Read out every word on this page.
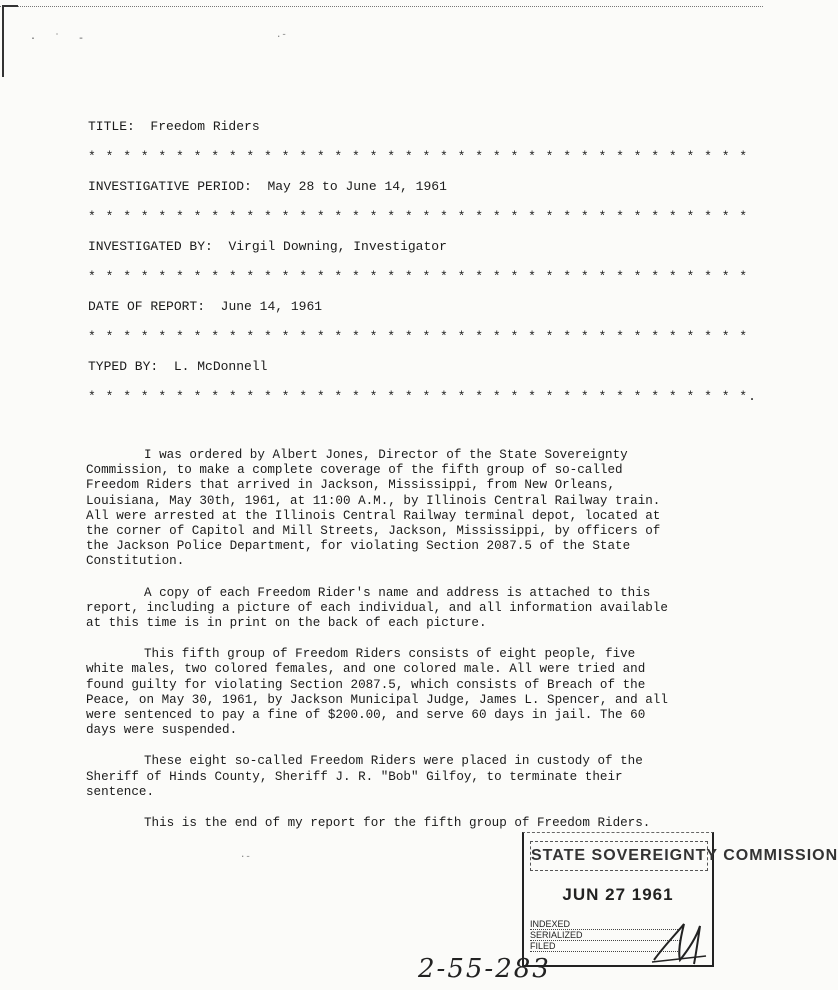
· ˙ -	.-
·-
TITLE: Freedom Riders
* * * * * * * * * * * * * * * * * * * * * * * * * * * * * * * * * * * * * *
INVESTIGATIVE PERIOD: May 28 to June 14, 1961
* * * * * * * * * * * * * * * * * * * * * * * * * * * * * * * * * * * * * *
INVESTIGATED BY: Virgil Downing, Investigator
* * * * * * * * * * * * * * * * * * * * * * * * * * * * * * * * * * * * * *
DATE OF REPORT: June 14, 1961
* * * * * * * * * * * * * * * * * * * * * * * * * * * * * * * * * * * * * *
TYPED BY: L. McDonnell
* * * * * * * * * * * * * * * * * * * * * * * * * * * * * * * * * * * * * *.

I was ordered by Albert Jones, Director of the State Sovereignty Commission, to make a complete coverage of the fifth group of so-called Freedom Riders that arrived in Jackson, Mississippi, from New Orleans, Louisiana, May 30th, 1961, at 11:00 A.M., by Illinois Central Railway train. All were arrested at the Illinois Central Railway terminal depot, located at the corner of Capitol and Mill Streets, Jackson, Mississippi, by officers of the Jackson Police Department, for violating Section 2087.5 of the State Constitution.

A copy of each Freedom Rider's name and address is attached to this report, including a picture of each individual, and all information available at this time is in print on the back of each picture.

This fifth group of Freedom Riders consists of eight people, five white males, two colored females, and one colored male. All were tried and found guilty for violating Section 2087.5, which consists of Breach of the Peace, on May 30, 1961, by Jackson Municipal Judge, James L. Spencer, and all were sentenced to pay a fine of $200.00, and serve 60 days in jail. The 60 days were suspended.

These eight so-called Freedom Riders were placed in custody of the Sheriff of Hinds County, Sheriff J. R. "Bob" Gilfoy, to terminate their sentence.

This is the end of my report for the fifth group of Freedom Riders.

STATE SOVEREIGNTY COMMISSION
JUN 27 1961
INDEXED
SERIALIZED
FILED
2-55-283
